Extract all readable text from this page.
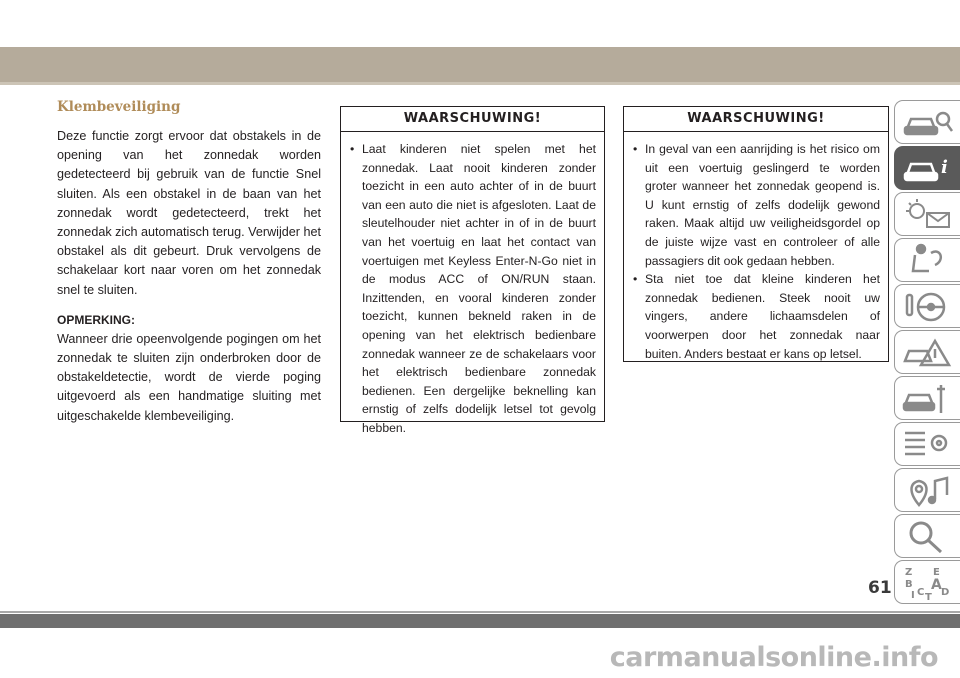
Klembeveiliging

Deze functie zorgt ervoor dat obstakels in de opening van het zonnedak worden gedetecteerd bij gebruik van de functie Snel sluiten. Als een obstakel in de baan van het zonnedak wordt gedetecteerd, trekt het zonnedak zich automatisch terug. Verwijder het obstakel als dit gebeurt. Druk vervolgens de schakelaar kort naar voren om het zonnedak snel te sluiten.

OPMERKING:

Wanneer drie opeenvolgende pogingen om het zonnedak te sluiten zijn onderbroken door de obstakeldetectie, wordt de vierde poging uitgevoerd als een handmatige sluiting met uitgeschakelde klembeveiliging.

WAARSCHUWING!
• Laat kinderen niet spelen met het zonnedak. Laat nooit kinderen zonder toezicht in een auto achter of in de buurt van een auto die niet is afgesloten. Laat de sleutelhouder niet achter in of in de buurt van het voertuig en laat het contact van voertuigen met Keyless Enter-N-Go niet in de modus ACC of ON/RUN staan. Inzittenden, en vooral kinderen zonder toezicht, kunnen bekneld raken in de opening van het elektrisch bedienbare zonnedak wanneer ze de schakelaars voor het elektrisch bedienbare zonnedak bedienen. Een dergelijke beknelling kan ernstig of zelfs dodelijk letsel tot gevolg hebben.
WAARSCHUWING!
• In geval van een aanrijding is het risico om uit een voertuig geslingerd te worden groter wanneer het zonnedak geopend is. U kunt ernstig of zelfs dodelijk gewond raken. Maak altijd uw veiligheidsgordel op de juiste wijze vast en controleer of alle passagiers dit ook gedaan hebben.
• Sta niet toe dat kleine kinderen het zonnedak bedienen. Steek nooit uw vingers, andere lichaamsdelen of voorwerpen door het zonnedak naar buiten. Anders bestaat er kans op letsel.
i
Z E
B A
C D
I T
61
carmanualsonline.info
